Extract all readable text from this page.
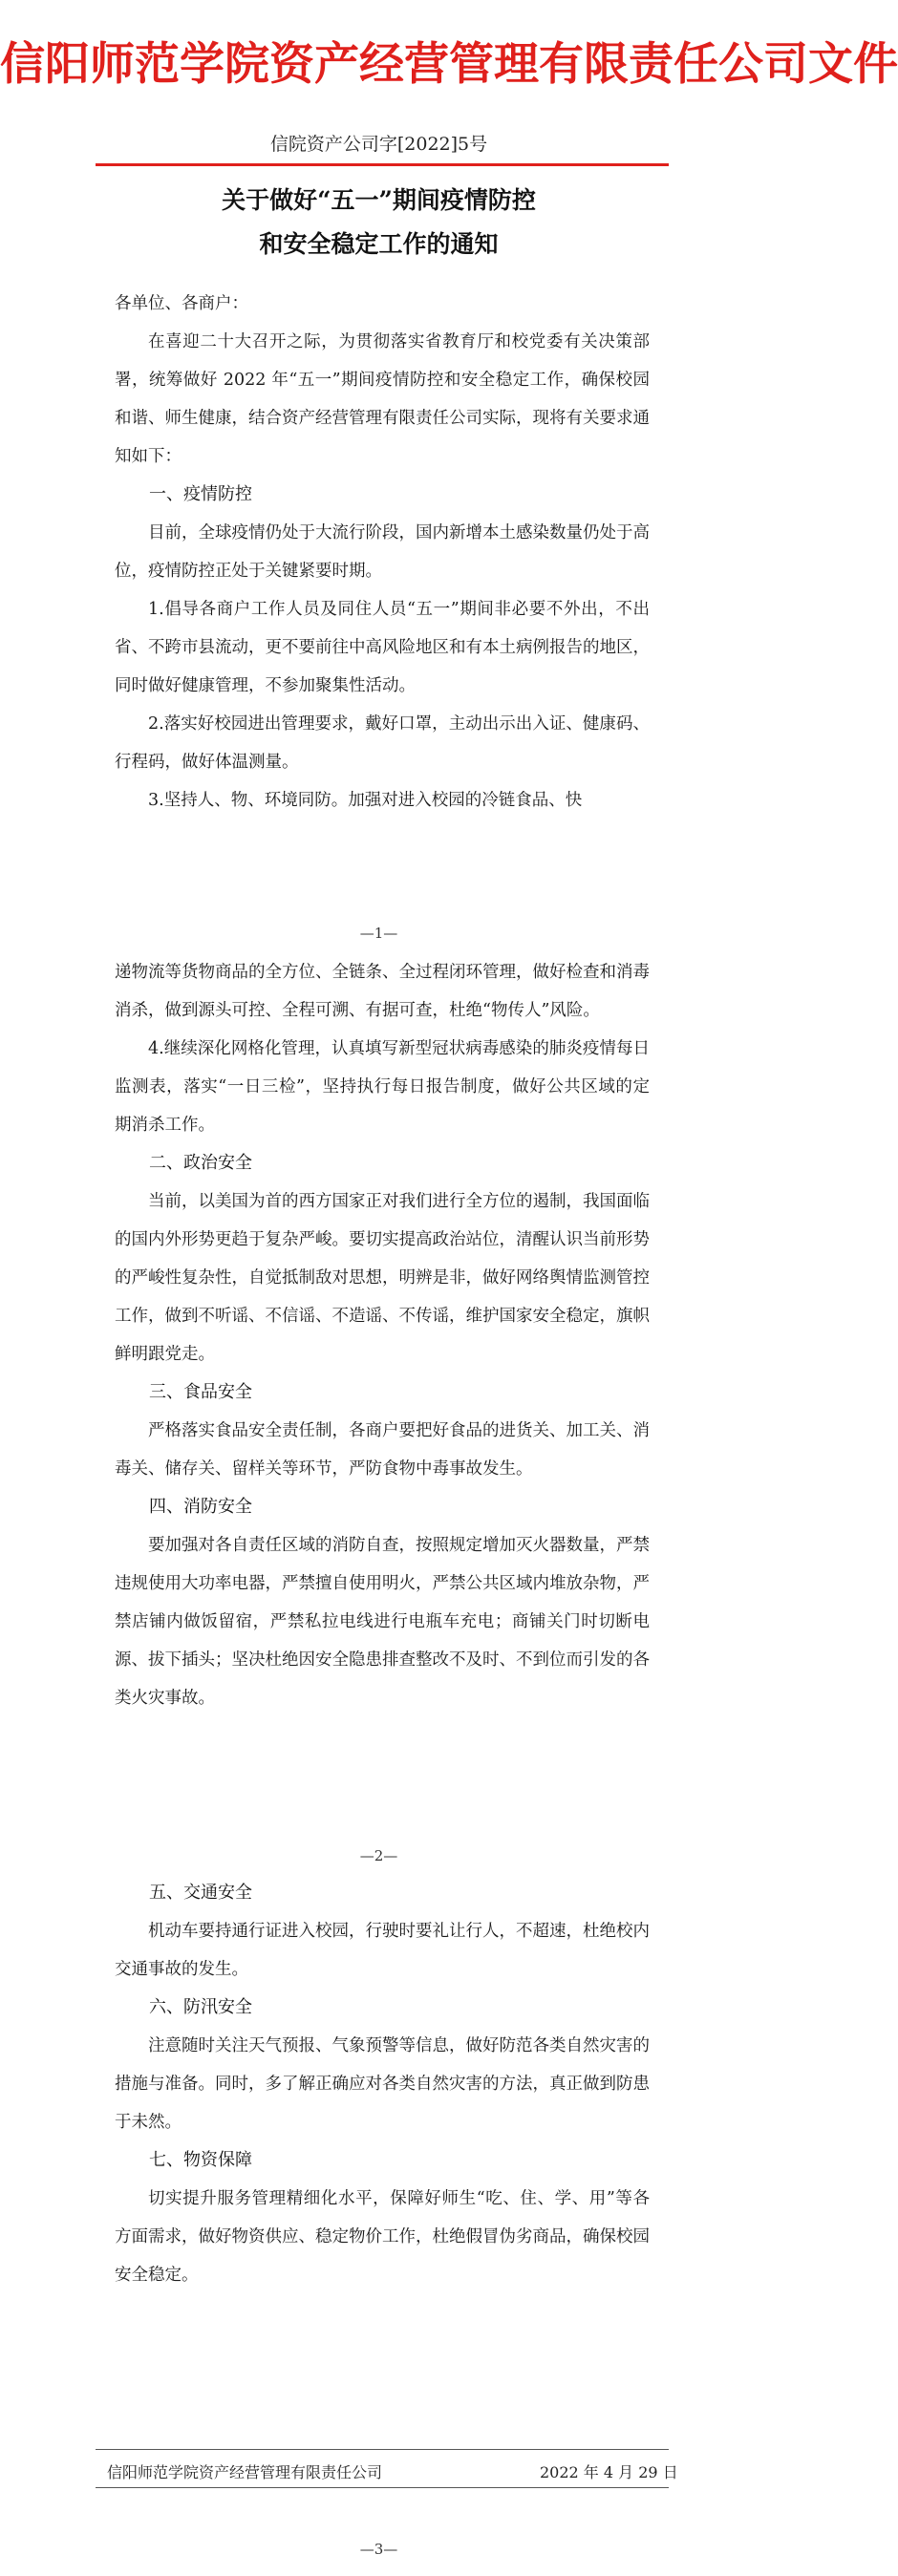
信阳师范学院资产经营管理有限责任公司文件
信院资产公司字[2022]5号
关于做好“五一”期间疫情防控
和安全稳定工作的通知

各单位、各商户：

在喜迎二十大召开之际，为贯彻落实省教育厅和校党委有关决策部署，统筹做好 2022 年“五一”期间疫情防控和安全稳定工作，确保校园和谐、师生健康，结合资产经营管理有限责任公司实际，现将有关要求通知如下：

一、疫情防控

目前，全球疫情仍处于大流行阶段，国内新增本土感染数量仍处于高位，疫情防控正处于关键紧要时期。

1.倡导各商户工作人员及同住人员“五一”期间非必要不外出，不出省、不跨市县流动，更不要前往中高风险地区和有本土病例报告的地区，同时做好健康管理，不参加聚集性活动。

2.落实好校园进出管理要求，戴好口罩，主动出示出入证、健康码、行程码，做好体温测量。

3.坚持人、物、环境同防。加强对进入校园的冷链食品、快

—1—

递物流等货物商品的全方位、全链条、全过程闭环管理，做好检查和消毒消杀，做到源头可控、全程可溯、有据可查，杜绝“物传人”风险。

4.继续深化网格化管理，认真填写新型冠状病毒感染的肺炎疫情每日监测表，落实“一日三检”，坚持执行每日报告制度，做好公共区域的定期消杀工作。

二、政治安全

当前，以美国为首的西方国家正对我们进行全方位的遏制，我国面临的国内外形势更趋于复杂严峻。要切实提高政治站位，清醒认识当前形势的严峻性复杂性，自觉抵制敌对思想，明辨是非，做好网络舆情监测管控工作，做到不听谣、不信谣、不造谣、不传谣，维护国家安全稳定，旗帜鲜明跟党走。

三、食品安全

严格落实食品安全责任制，各商户要把好食品的进货关、加工关、消毒关、储存关、留样关等环节，严防食物中毒事故发生。

四、消防安全

要加强对各自责任区域的消防自查，按照规定增加灭火器数量，严禁违规使用大功率电器，严禁擅自使用明火，严禁公共区域内堆放杂物，严禁店铺内做饭留宿，严禁私拉电线进行电瓶车充电；商铺关门时切断电源、拔下插头；坚决杜绝因安全隐患排查整改不及时、不到位而引发的各类火灾事故。

—2—

五、交通安全

机动车要持通行证进入校园，行驶时要礼让行人，不超速，杜绝校内交通事故的发生。

六、防汛安全

注意随时关注天气预报、气象预警等信息，做好防范各类自然灾害的措施与准备。同时，多了解正确应对各类自然灾害的方法，真正做到防患于未然。

七、物资保障

切实提升服务管理精细化水平，保障好师生“吃、住、学、用”等各方面需求，做好物资供应、稳定物价工作，杜绝假冒伪劣商品，确保校园安全稳定。

信阳师范学院资产经营管理有限责任公司	2022 年 4 月 29 日
—3—
